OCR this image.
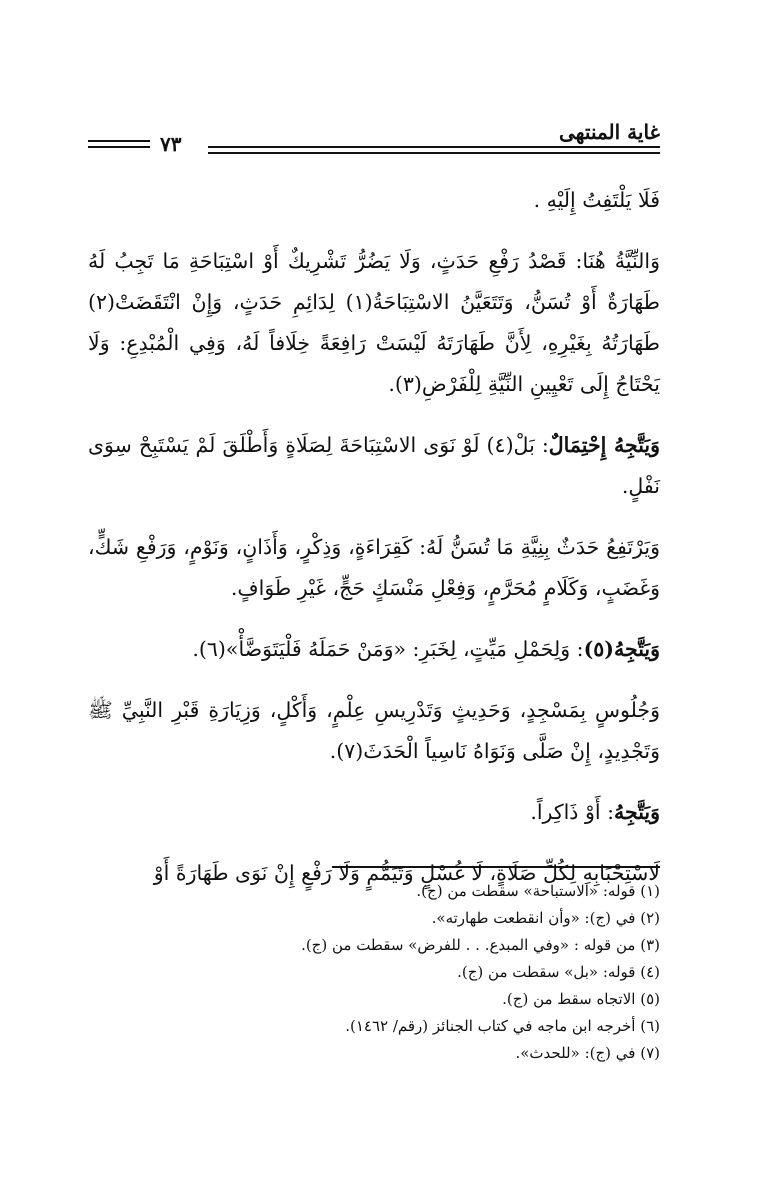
غاية المنتهى
٧٣

فَلَا يَلْتَفِتُ إِلَيْهِ .

وَالنِّيَّةُ هُنَا: قَصْدُ رَفْعِ حَدَثٍ، وَلَا يَضُرُّ تَشْرِيكٌ أَوْ اسْتِبَاحَةِ مَا تَجِبُ لَهُ طَهَارَةٌ أَوْ تُسَنُّ، وَتَتَعَيَّنُ الاسْتِبَاحَةُ(١) لِدَائِمِ حَدَثٍ، وَإِنْ انْتَقَضَتْ(٢) طَهَارَتُهُ بِغَيْرِهِ، لِأَنَّ طَهَارَتَهُ لَيْسَتْ رَافِعَةً خِلَافاً لَهُ، وَفِي الْمُبْدِعِ: وَلَا يَحْتَاجُ إِلَى تَعْيِينِ النِّيَّةِ لِلْفَرْضِ(٣).

وَيَتَّجِهُ إِحْتِمَالٌ: بَلْ(٤) لَوْ نَوَى الاسْتِبَاحَةَ لِصَلَاةٍ وَأَطْلَقَ لَمْ يَسْتَبِحْ سِوَى نَفْلٍ.

وَيَرْتَفِعُ حَدَثٌ بِنِيَّةِ مَا تُسَنُّ لَهُ: كَقِرَاءَةٍ، وَذِكْرٍ، وَأَذَانٍ، وَنَوْمٍ، وَرَفْعِ شَكٍّ، وَغَضَبٍ، وَكَلَامٍ مُحَرَّمٍ، وَفِعْلِ مَنْسَكٍ حَجٍّ، غَيْرِ طَوَافٍ.

وَيَتَّجِهُ(٥): وَلِحَمْلِ مَيِّتٍ، لِخَبَرِ: «وَمَنْ حَمَلَهُ فَلْيَتَوَضَّأْ»(٦).

وَجُلُوسٍ بِمَسْجِدٍ، وَحَدِيثٍ وَتَدْرِيسِ عِلْمٍ، وَأَكْلٍ، وَزِيَارَةِ قَبْرِ النَّبِيِّ ﷺ وَتَجْدِيدٍ، إِنْ صَلَّى وَنَوَاهُ نَاسِياً الْحَدَثَ(٧).

وَيَتَّجِهُ: أَوْ ذَاكِراً.

لَاسْتِحْبَابِهِ لِكُلِّ صَلَاةٍ، لَا غُسْلٍ وَتَيَمُّمٍ وَلَا رَفْعٍ إِنْ نَوَى طَهَارَةً أَوْ

(١) قوله: «الاستباحة» سقطت من (ج).
(٢) في (ج): «وأن انقطعت طهارته».
(٣) من قوله : «وفي المبدع. . . للفرض» سقطت من (ج).
(٤) قوله: «بل» سقطت من (ج).
(٥) الاتجاه سقط من (ج).
(٦) أخرجه ابن ماجه في كتاب الجنائز (رقم/ ١٤٦٢).
(٧) في (ج): «للحدث».
